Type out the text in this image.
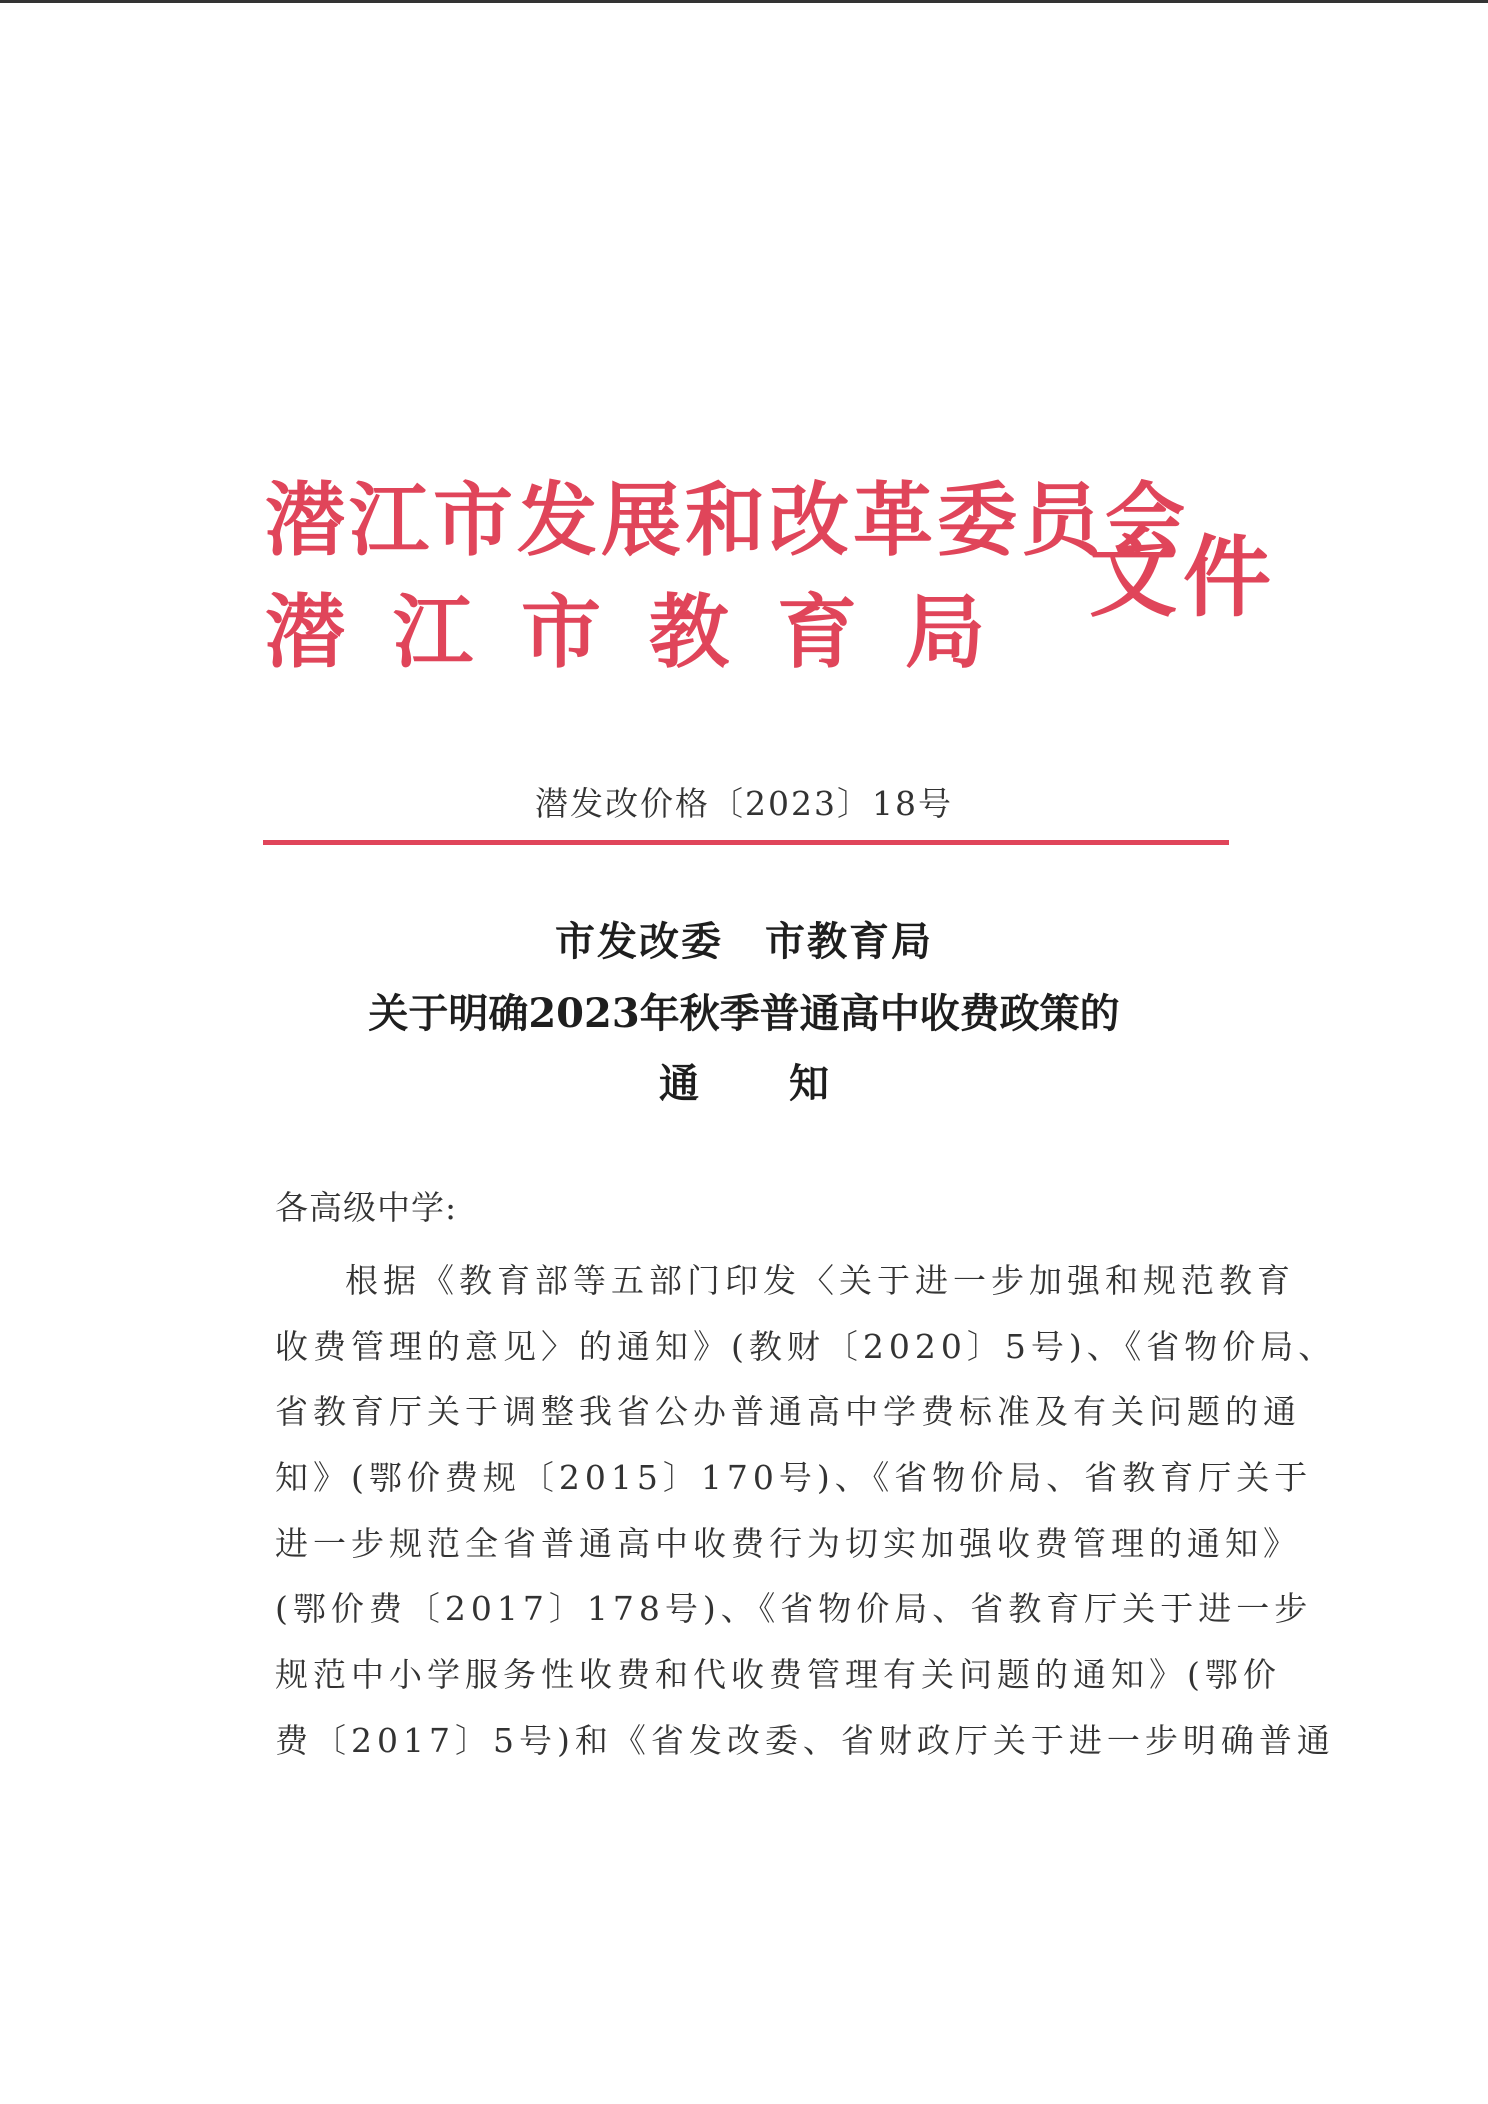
潜江市发展和改革委员会
潜江市教育局
文件
潜发改价格〔2023〕18号
市发改委　市教育局
关于明确2023年秋季普通高中收费政策的
通知
各高级中学:
根据《教育部等五部门印发〈关于进一步加强和规范教育
收费管理的意见〉的通知》(教财〔2020〕5号)、《省物价局、
省教育厅关于调整我省公办普通高中学费标准及有关问题的通
知》(鄂价费规〔2015〕170号)、《省物价局、省教育厅关于
进一步规范全省普通高中收费行为切实加强收费管理的通知》
(鄂价费〔2017〕178号)、《省物价局、省教育厅关于进一步
规范中小学服务性收费和代收费管理有关问题的通知》(鄂价
费〔2017〕5号)和《省发改委、省财政厅关于进一步明确普通
